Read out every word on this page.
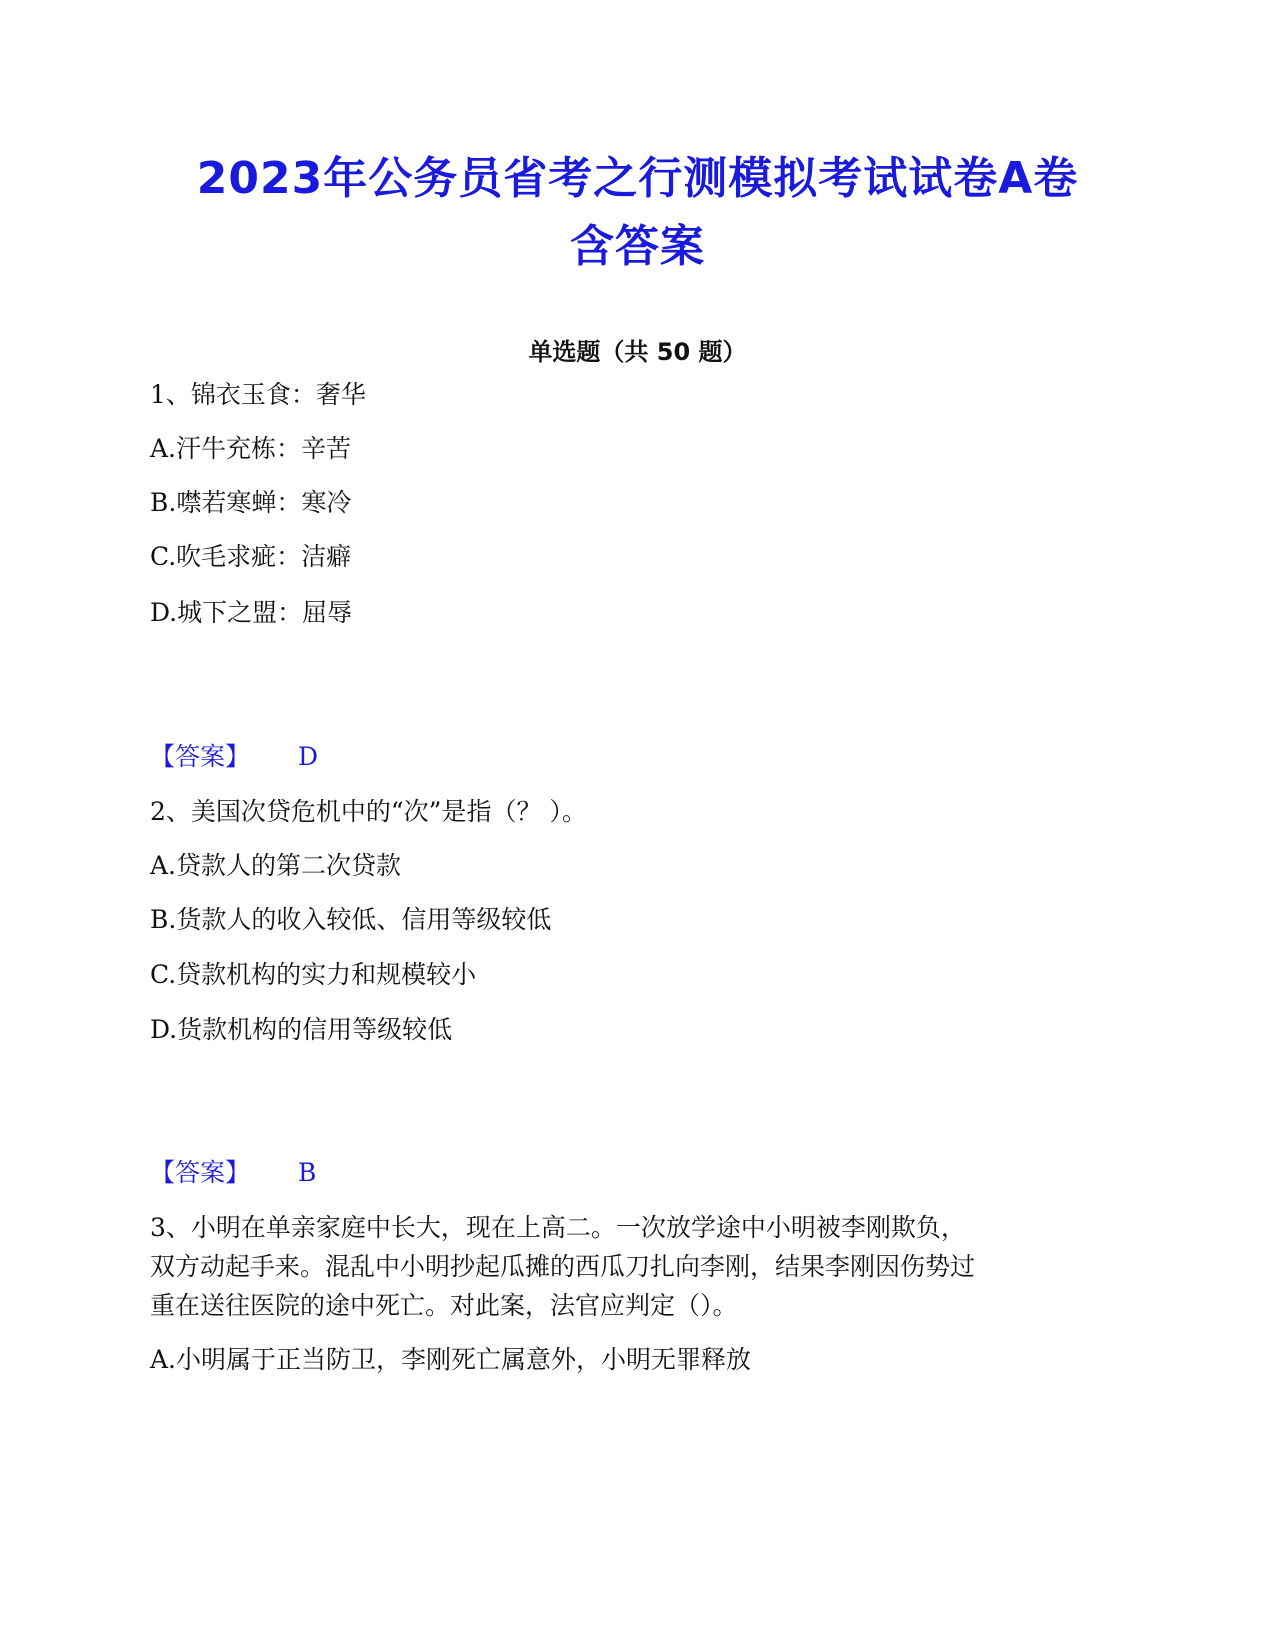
2023年公务员省考之行测模拟考试试卷A卷
含答案
单选题（共 50 题）
1、锦衣玉食：奢华
A.汗牛充栋：辛苦
B.噤若寒蝉：寒冷
C.吹毛求疵：洁癖
D.城下之盟：屈辱
【答案】 D
2、美国次贷危机中的“次”是指（？ ）。
A.贷款人的第二次贷款
B.货款人的收入较低、信用等级较低
C.贷款机构的实力和规模较小
D.货款机构的信用等级较低
【答案】 B
3、小明在单亲家庭中长大，现在上高二。一次放学途中小明被李刚欺负，
双方动起手来。混乱中小明抄起瓜摊的西瓜刀扎向李刚，结果李刚因伤势过
重在送往医院的途中死亡。对此案，法官应判定（）。
A.小明属于正当防卫，李刚死亡属意外，小明无罪释放
